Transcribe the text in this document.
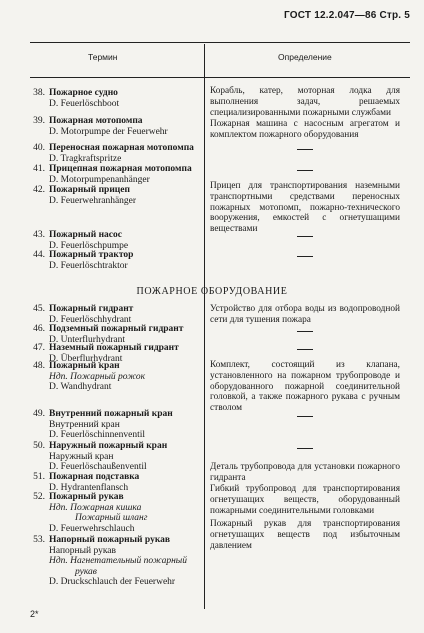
ГОСТ 12.2.047—86 Стр. 5
Термин	Определение
38. Пожарное судно
D. Feuerlöschboot
39. Пожарная мотопомпа
D. Motorpumpe der Feuerwehr
40. Переносная пожарная мотопомпа
D. Tragkraftspritze
41. Прицепная пожарная мотопомпа
D. Motorpumpenanhänger
42. Пожарный прицеп
D. Feuerwehranhänger
43. Пожарный насос
D. Feuerlöschpumpe
44. Пожарный трактор
D. Feuerlöschtraktor
ПОЖАРНОЕ ОБОРУДОВАНИЕ
45. Пожарный гидрант
D. Feuerlöschhydrant
46. Подземный пожарный гидрант
D. Unterflurhydrant
47. Наземный пожарный гидрант
D. Überflurhydrant
48. Пожарный кран
Ндп. Пожарный рожок
D. Wandhydrant
49. Внутренний пожарный кран
Внутренний кран
D. Feuerlöschinnenventil
50. Наружный пожарный кран
Наружный кран
D. Feuerlöschaußenventil
51. Пожарная подставка
D. Hydrantenflansch
52. Пожарный рукав
Ндп. Пожарная кишка
Пожарный шланг
D. Feuerwehrschlauch
53. Напорный пожарный рукав
Напорный рукав
Ндп. Нагнетательный пожарный
рукав
D. Druckschlauch der Feuerwehr
Корабль, катер, моторная лодка для выполнения задач, решаемых специализированными пожарными службами
Пожарная машина с насосным агрегатом и комплектом пожарного оборудования
Прицеп для транспортирования наземными транспортными средствами переносных пожарных мотопомп, пожарно-технического вооружения, емкостей с огнетушащими веществами
Устройство для отбора воды из водопроводной сети для тушения пожара
Комплект, состоящий из клапана, установленного на пожарном трубопроводе и оборудованного пожарной соединительной головкой, а также пожарного рукава с ручным стволом
Деталь трубопровода для установки пожарного гидранта
Гибкий трубопровод для транспортирования огнетушащих веществ, оборудованный пожарными соединительными головками
Пожарный рукав для транспортирования огнетушащих веществ под избыточным давлением
2*
